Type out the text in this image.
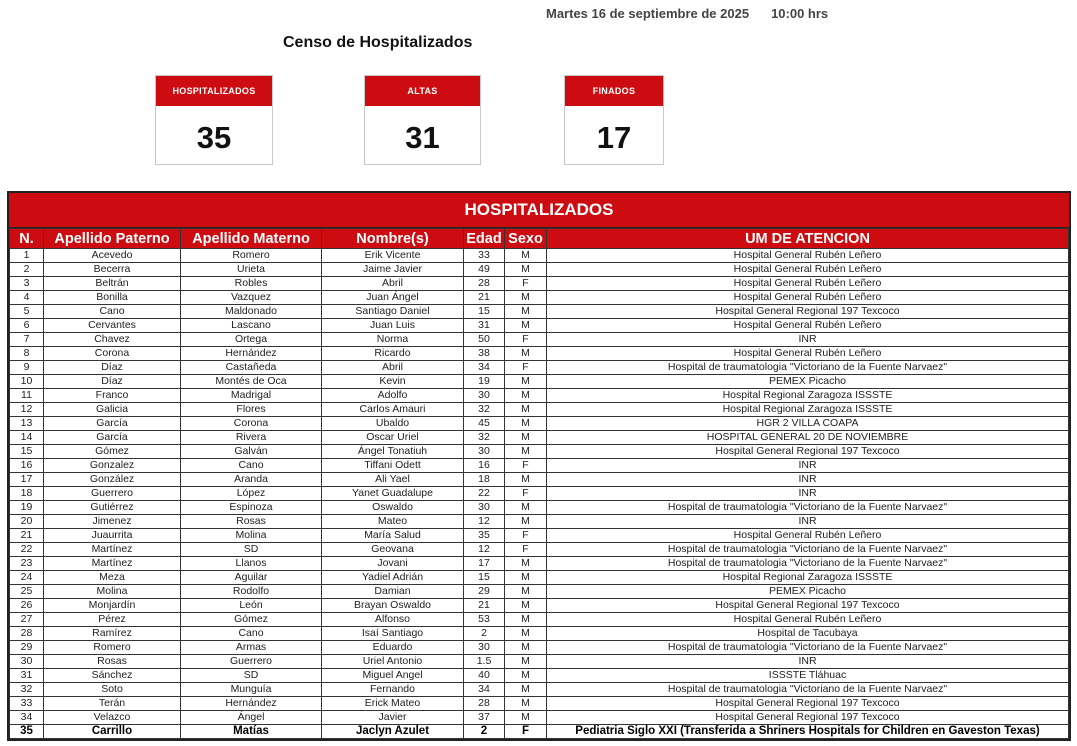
Martes 16 de septiembre de 2025 10:00 hrs
Censo de Hospitalizados
HOSPITALIZADOS
35
ALTAS
31
FINADOS
17
HOSPITALIZADOS
N.	Apellido Paterno	Apellido Materno	Nombre(s)	Edad	Sexo	UM DE ATENCION
1	Acevedo	Romero	Erik Vicente	33	M	Hospital General Rubén Leñero
2	Becerra	Urieta	Jaime Javier	49	M	Hospital General Rubén Leñero
3	Beltrán	Robles	Abril	28	F	Hospital General Rubén Leñero
4	Bonilla	Vazquez	Juan Ángel	21	M	Hospital General Rubén Leñero
5	Cano	Maldonado	Santiago Daniel	15	M	Hospital General Regional 197 Texcoco
6	Cervantes	Lascano	Juan Luis	31	M	Hospital General Rubén Leñero
7	Chavez	Ortega	Norma	50	F	INR
8	Corona	Hernández	Ricardo	38	M	Hospital General Rubén Leñero
9	Díaz	Castañeda	Abril	34	F	Hospital de traumatologia "Victoriano de la Fuente Narvaez"
10	Díaz	Montés de Oca	Kevin	19	M	PEMEX Picacho
11	Franco	Madrigal	Adolfo	30	M	Hospital Regional Zaragoza ISSSTE
12	Galicia	Flores	Carlos Amauri	32	M	Hospital Regional Zaragoza ISSSTE
13	García	Corona	Ubaldo	45	M	HGR 2 VILLA COAPA
14	García	Rivera	Oscar Uriel	32	M	HOSPITAL GENERAL 20 DE NOVIEMBRE
15	Gómez	Galván	Ángel Tonatiuh	30	M	Hospital General Regional 197 Texcoco
16	Gonzalez	Cano	Tiffani Odett	16	F	INR
17	González	Aranda	Ali Yael	18	M	INR
18	Guerrero	López	Yanet Guadalupe	22	F	INR
19	Gutiérrez	Espinoza	Oswaldo	30	M	Hospital de traumatologia "Victoriano de la Fuente Narvaez"
20	Jimenez	Rosas	Mateo	12	M	INR
21	Juaurrita	Molina	María Salud	35	F	Hospital General Rubén Leñero
22	Martínez	SD	Geovana	12	F	Hospital de traumatologia "Victoriano de la Fuente Narvaez"
23	Martínez	Llanos	Jovani	17	M	Hospital de traumatologia "Victoriano de la Fuente Narvaez"
24	Meza	Aguilar	Yadiel Adrián	15	M	Hospital Regional Zaragoza ISSSTE
25	Molina	Rodolfo	Damian	29	M	PEMEX Picacho
26	Monjardín	León	Brayan Oswaldo	21	M	Hospital General Regional 197 Texcoco
27	Pérez	Gómez	Alfonso	53	M	Hospital General Rubén Leñero
28	Ramírez	Cano	Isaí Santiago	2	M	Hospital de Tacubaya
29	Romero	Armas	Eduardo	30	M	Hospital de traumatologia "Victoriano de la Fuente Narvaez"
30	Rosas	Guerrero	Uriel Antonio	1.5	M	INR
31	Sánchez	SD	Miguel Angel	40	M	ISSSTE Tláhuac
32	Soto	Munguía	Fernando	34	M	Hospital de traumatologia "Victoriano de la Fuente Narvaez"
33	Terán	Hernández	Erick Mateo	28	M	Hospital General Regional 197 Texcoco
34	Velazco	Ángel	Javier	37	M	Hospital General Regional 197 Texcoco
35	Carrillo	Matías	Jaclyn Azulet	2	F	Pediatria Siglo XXI (Transferida a Shriners Hospitals for Children en Gaveston Texas)
